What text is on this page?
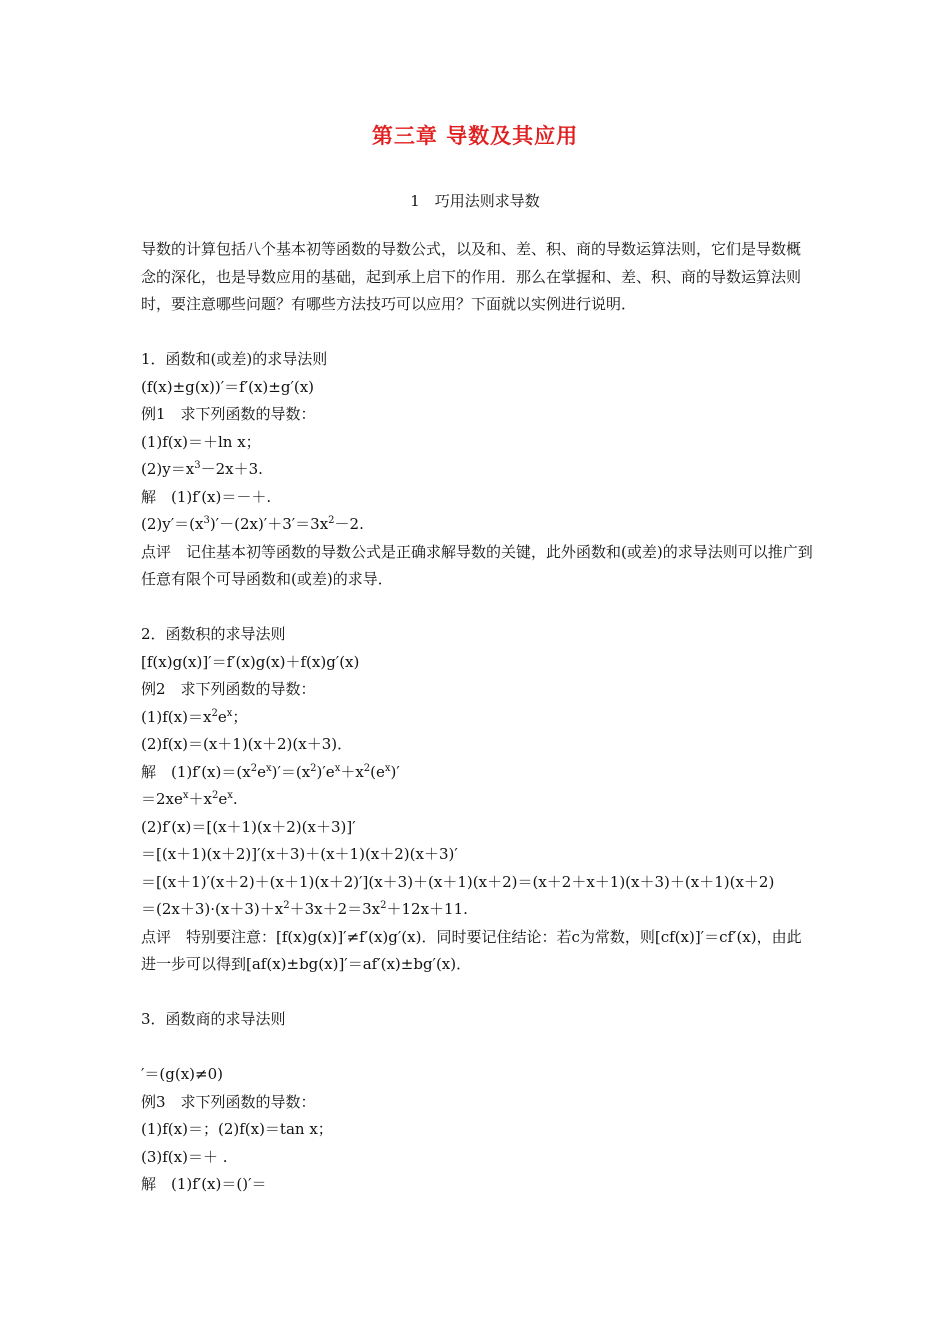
第三章 导数及其应用
1　巧用法则求导数

导数的计算包括八个基本初等函数的导数公式，以及和、差、积、商的导数运算法则，它们是导数概念的深化，也是导数应用的基础，起到承上启下的作用．那么在掌握和、差、积、商的导数运算法则时，要注意哪些问题？有哪些方法技巧可以应用？下面就以实例进行说明．

1．函数和(或差)的求导法则

(f(x)±g(x))′＝f′(x)±g′(x)

例1　求下列函数的导数：

(1)f(x)＝＋ln x；

$(2)y=x^3-2x+3$.

解　(1)f′(x)＝－＋.

$(2)y'=(x^3)'-(2x)'+3'=3x^2-2$.

点评　记住基本初等函数的导数公式是正确求解导数的关键，此外函数和(或差)的求导法则可以推广到任意有限个可导函数和(或差)的求导．

2．函数积的求导法则

[f(x)g(x)]′＝f′(x)g(x)＋f(x)g′(x)

例2　求下列函数的导数：

$(1)f(x)=x^2e^x$；

(2)f(x)＝(x＋1)(x＋2)(x＋3)．

解　$(1)f'(x)=(x^2e^x)'=(x^2)'e^x+x^2(e^x)'$

$=2xe^x+x^2e^x$.

(2)f′(x)＝[(x＋1)(x＋2)(x＋3)]′

＝[(x＋1)(x＋2)]′(x＋3)＋(x＋1)(x＋2)(x＋3)′

＝[(x＋1)′(x＋2)＋(x＋1)(x＋2)′](x＋3)＋(x＋1)(x＋2)＝(x＋2＋x＋1)(x＋3)＋(x＋1)(x＋2)

$=(2x+3)\cdot(x+3)+x^2+3x+2=3x^2+12x+11$.

点评　特别要注意：[f(x)g(x)]′≠f′(x)g′(x)．同时要记住结论：若c为常数，则[cf(x)]′＝cf′(x)，由此进一步可以得到[af(x)±bg(x)]′＝af′(x)±bg′(x)．

3．函数商的求导法则

′＝(g(x)≠0)

例3　求下列函数的导数：

(1)f(x)＝；(2)f(x)＝tan x；

(3)f(x)＝＋ .

解　(1)f′(x)＝()′＝
